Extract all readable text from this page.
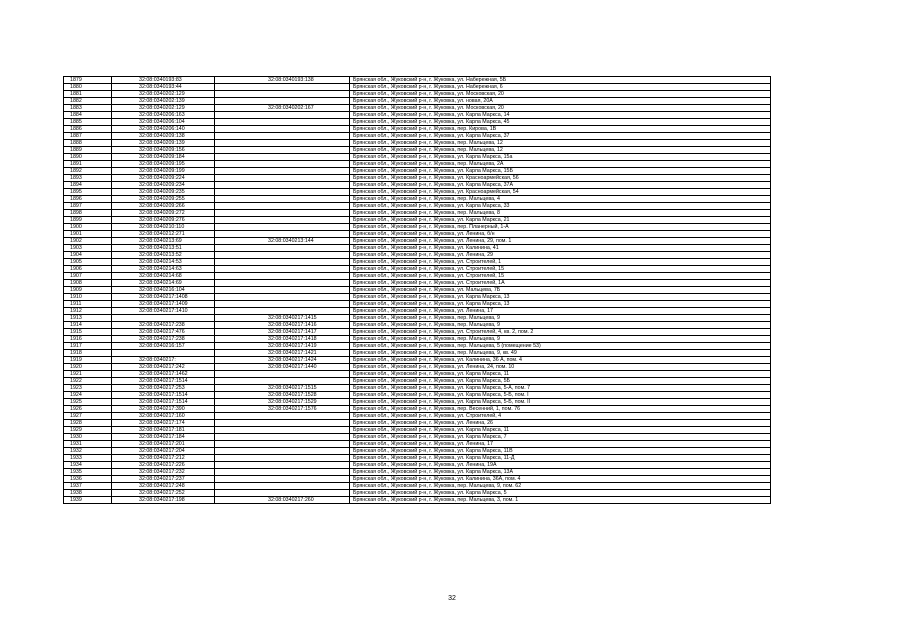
1879	32:08:0340193:83	32:08:0340193:138	Брянская обл., Жуковский р-н, г. Жуковка, ул. Набережная, 5Б
1880	32:08:0340193:44		Брянская обл., Жуковский р-н, г. Жуковка, ул. Набережная, 6
1881	32:08:0340202:129		Брянская обл., Жуковский р-н, г. Жуковка, ул. Московская, 20
1882	32:08:0340202:139		Брянская обл., Жуковский р-н, г. Жуковка, ул. новая, 20А
1883	32:08:0340202:129	32:08:0340202:167	Брянская обл., Жуковский р-н, г. Жуковка, ул. Московская, 20
1884	32:08:0340206:163		Брянская обл., Жуковский р-н, г. Жуковка, ул. Карла Маркса, 14
1885	32:08:0340206:104		Брянская обл., Жуковский р-н, г. Жуковка, ул. Карла Маркса, 45
1886	32:08:0340206:140		Брянская обл., Жуковский р-н, г. Жуковка, пер. Кирова, 1В
1887	32:08:0340209:138		Брянская обл., Жуковский р-н, г. Жуковка, ул. Карла Маркса, 37
1888	32:08:0340209:139		Брянская обл., Жуковский р-н, г. Жуковка, пер. Мальцева, 12
1889	32:08:0340209:156		Брянская обл., Жуковский р-н, г. Жуковка, пер. Мальцева, 12
1890	32:08:0340209:184		Брянская обл., Жуковский р-н, г. Жуковка, ул. Карла Маркса, 15а
1891	32:08:0340209:195		Брянская обл., Жуковский р-н, г. Жуковка, пер. Мальцева, 2А
1892	32:08:0340209:199		Брянская обл., Жуковский р-н, г. Жуковка, ул. Карла Маркса, 15Б
1893	32:08:0340209:224		Брянская обл., Жуковский р-н, г. Жуковка, ул. Красноармейская, 56
1894	32:08:0340209:234		Брянская обл., Жуковский р-н, г. Жуковка, ул. Карла Маркса, 37А
1895	32:08:0340209:235		Брянская обл., Жуковский р-н, г. Жуковка, ул. Красноармейская, 54
1896	32:08:0340209:255		Брянская обл., Жуковский р-н, г. Жуковка, пер. Мальцева, 4
1897	32:08:0340209:266		Брянская обл., Жуковский р-н, г. Жуковка, ул. Карла Маркса, 33
1898	32:08:0340209:272		Брянская обл., Жуковский р-н, г. Жуковка, пер. Мальцева, 8
1899	32:08:0340209:276		Брянская обл., Жуковский р-н, г. Жуковка, ул. Карла Маркса, 21
1900	32:08:0340210:110		Брянская обл., Жуковский р-н, г. Жуковка, пер. Планерный, 1-А
1901	32:08:0340212:271		Брянская обл., Жуковский р-н, г. Жуковка, ул. Ленина, б/н
1902	32:08:0340213:69	32:08:0340213:144	Брянская обл., Жуковский р-н, г. Жуковка, ул. Ленина, 29, пом. 1
1903	32:08:0340213:51		Брянская обл., Жуковский р-н, г. Жуковка, ул. Калинина, 41
1904	32:08:0340213:52		Брянская обл., Жуковский р-н, г. Жуковка, ул. Ленина, 29
1905	32:08:0340214:53		Брянская обл., Жуковский р-н, г. Жуковка, ул. Строителей, 1
1906	32:08:0340214:63		Брянская обл., Жуковский р-н, г. Жуковка, ул. Строителей, 15
1907	32:08:0340214:68		Брянская обл., Жуковский р-н, г. Жуковка, ул. Строителей, 15
1908	32:08:0340214:69		Брянская обл., Жуковский р-н, г. Жуковка, ул. Строителей, 1А
1909	32:08:0340216:104		Брянская обл., Жуковский р-н, г. Жуковка, ул. Мальцева, 7Б
1910	32:08:0340217:1408		Брянская обл., Жуковский р-н, г. Жуковка, ул. Карла Маркса, 13
1911	32:08:0340217:1409		Брянская обл., Жуковский р-н, г. Жуковка, ул. Карла Маркса, 13
1912	32:08:0340217:1410		Брянская обл., Жуковский р-н, г. Жуковка, ул. Ленина, 17
1913		32:08:0340217:1415	Брянская обл., Жуковский р-н, г. Жуковка, пер. Мальцева, 9
1914	32:08:0340217:238	32:08:0340217:1416	Брянская обл., Жуковский р-н, г. Жуковка, пер. Мальцева, 9
1915	32:08:0340217:476	32:08:0340217:1417	Брянская обл., Жуковский р-н, г. Жуковка, ул. Строителей, 4, кв. 2, пом. 2
1916	32:08:0340217:238	32:08:0340217:1418	Брянская обл., Жуковский р-н, г. Жуковка, пер. Мальцева, 9
1917	32:08:0340216:157	32:08:0340217:1419	Брянская обл., Жуковский р-н, г. Жуковка, пер. Мальцева, 5 (помещение 53)
1918		32:08:0340217:1421	Брянская обл., Жуковский р-н, г. Жуковка, пер. Мальцева, 9, кв. 49
1919	32:08:0340217:	32:08:0340217:1424	Брянская обл., Жуковский р-н, г. Жуковка, ул. Калинина, 36 А, пом. 4
1920	32:08:0340217:242	32:08:0340217:1440	Брянская обл., Жуковский р-н, г. Жуковка, ул. Ленина, 24, пом. 10
1921	32:08:0340217:1462		Брянская обл., Жуковский р-н, г. Жуковка, ул. Карла Маркса, 11
1922	32:08:0340217:1514		Брянская обл., Жуковский р-н, г. Жуковка, ул. Карла Маркса, 5Б
1923	32:08:0340217:253	32:08:0340217:1515	Брянская обл., Жуковский р-н, г. Жуковка, ул. Карла Маркса, 5-А, пом. 7
1924	32:08:0340217:1514	32:08:0340217:1528	Брянская обл., Жуковский р-н, г. Жуковка, ул. Карла Маркса, 5-Б, пом. I
1925	32:08:0340217:1514	32:08:0340217:1529	Брянская обл., Жуковский р-н, г. Жуковка, ул. Карла Маркса, 5-Б, пом. II
1926	32:08:0340217:390	32:08:0340217:1576	Брянская обл., Жуковский р-н, г. Жуковка, пер. Весенний, 1, пом. 76
1927	32:08:0340217:160		Брянская обл., Жуковский р-н, г. Жуковка, ул. Строителей, 4
1928	32:08:0340217:174		Брянская обл., Жуковский р-н, г. Жуковка, ул. Ленина, 26
1929	32:08:0340217:181		Брянская обл., Жуковский р-н, г. Жуковка, ул. Карла Маркса, 11
1930	32:08:0340217:184		Брянская обл., Жуковский р-н, г. Жуковка, ул. Карла Маркса, 7
1931	32:08:0340217:201		Брянская обл., Жуковский р-н, г. Жуковка, ул. Ленина, 17
1932	32:08:0340217:204		Брянская обл., Жуковский р-н, г. Жуковка, ул. Карла Маркса, 11В
1933	32:08:0340217:212		Брянская обл., Жуковский р-н, г. Жуковка, ул. Карла Маркса, 11-Д
1934	32:08:0340217:226		Брянская обл., Жуковский р-н, г. Жуковка, ул. Ленина, 19А
1935	32:08:0340217:232		Брянская обл., Жуковский р-н, г. Жуковка, ул. Карла Маркса, 13А
1936	32:08:0340217:237		Брянская обл., Жуковский р-н, г. Жуковка, ул. Калинина, 36А, пом. 4
1937	32:08:0340217:248		Брянская обл., Жуковский р-н, г. Жуковка, пер. Мальцева, 9, пом. 62
1938	32:08:0340217:252		Брянская обл., Жуковский р-н, г. Жуковка, ул. Карла Маркса, 5
1939	32:08:0340217:198	32:08:0340217:260	Брянская обл., Жуковский р-н, г. Жуковка, пер. Мальцева, 3, пом. 1
32
